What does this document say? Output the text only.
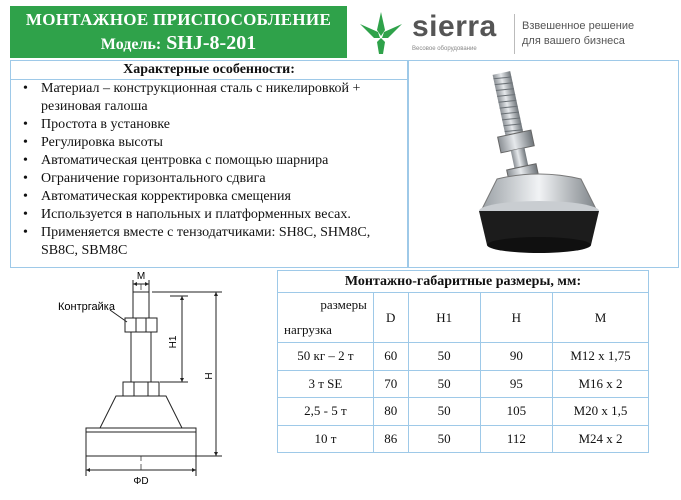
МОНТАЖНОЕ ПРИСПОСОБЛЕНИЕ
Модель: SHJ-8-201	sierra
Весовое оборудование
Взвешенное решение
для вашего бизнеса
Характерные особенности:
• Материал – конструкционная сталь с никелировкой + резиновая галоша
• Простота в установке
• Регулировка высоты
• Автоматическая центровка с помощью шарнира
• Ограничение горизонтального сдвига
• Автоматическая корректировка смещения
• Используется в напольных и платформенных весах.
• Применяется вместе с тензодатчиками: SH8C, SHM8C, SB8C, SBM8C
M
Контргайка
H1
H
ΦD
Монтажно-габаритные размеры, мм:				

размеры
нагрузка	D	H1	H	M
50 кг – 2 т	60	50	90	M12 x 1,75
3 т SE	70	50	95	M16 x 2
2,5 - 5 т	80	50	105	M20 x 1,5
10 т	86	50	112	M24 x 2
